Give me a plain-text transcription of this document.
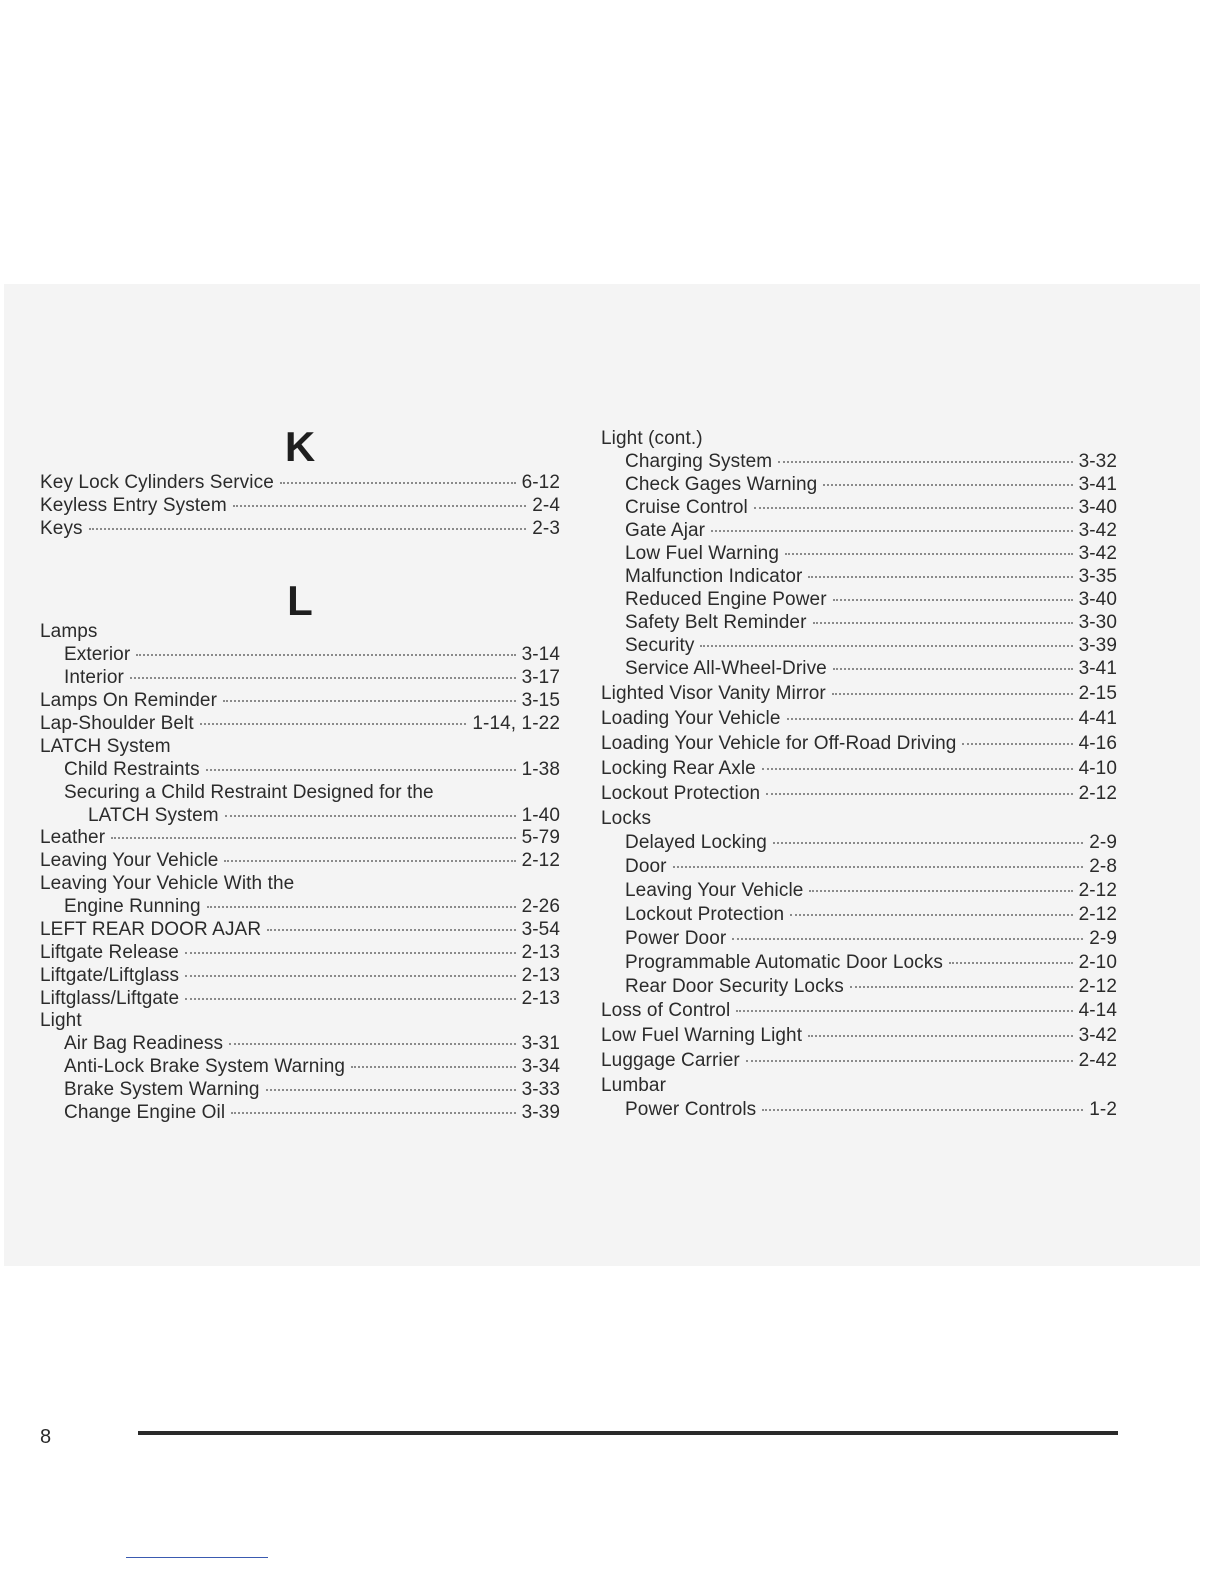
K
Key Lock Cylinders Service	6-12
Keyless Entry System	2-4
Keys	2-3
L
Lamps
Exterior	3-14
Interior	3-17
Lamps On Reminder	3-15
Lap-Shoulder Belt	1-14, 1-22
LATCH System
Child Restraints	1-38
Securing a Child Restraint Designed for the
LATCH System	1-40
Leather	5-79
Leaving Your Vehicle	2-12
Leaving Your Vehicle With the
Engine Running	2-26
LEFT REAR DOOR AJAR	3-54
Liftgate Release	2-13
Liftgate/Liftglass	2-13
Liftglass/Liftgate	2-13
Light
Air Bag Readiness	3-31
Anti-Lock Brake System Warning	3-34
Brake System Warning	3-33
Change Engine Oil	3-39
Light (cont.)
Charging System	3-32
Check Gages Warning	3-41
Cruise Control	3-40
Gate Ajar	3-42
Low Fuel Warning	3-42
Malfunction Indicator	3-35
Reduced Engine Power	3-40
Safety Belt Reminder	3-30
Security	3-39
Service All-Wheel-Drive	3-41
Lighted Visor Vanity Mirror	2-15
Loading Your Vehicle	4-41
Loading Your Vehicle for Off-Road Driving	4-16
Locking Rear Axle	4-10
Lockout Protection	2-12
Locks
Delayed Locking	2-9
Door	2-8
Leaving Your Vehicle	2-12
Lockout Protection	2-12
Power Door	2-9
Programmable Automatic Door Locks	2-10
Rear Door Security Locks	2-12
Loss of Control	4-14
Low Fuel Warning Light	3-42
Luggage Carrier	2-42
Lumbar
Power Controls	1-2
8
